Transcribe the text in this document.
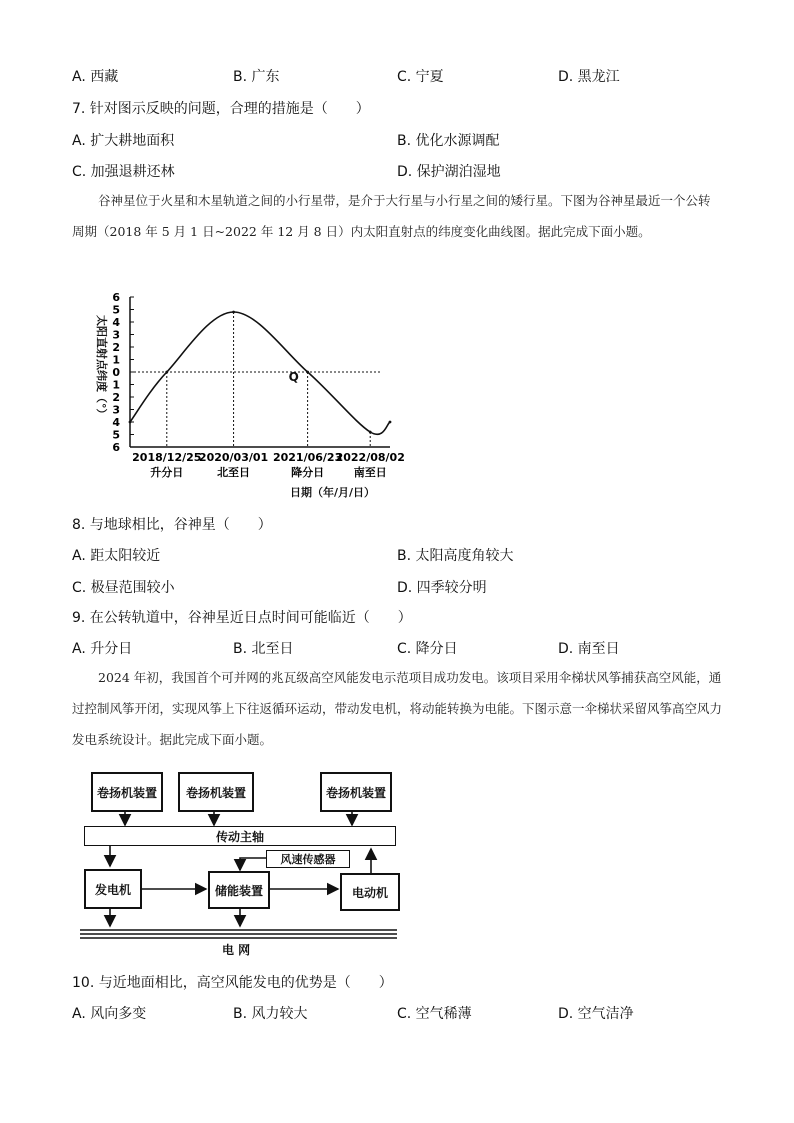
A. 西藏	B. 广东	C. 宁夏	D. 黑龙江
7. 针对图示反映的问题，合理的措施是（　　）
A. 扩大耕地面积	B. 优化水源调配
C. 加强退耕还林	D. 保护湖泊湿地
谷神星位于火星和木星轨道之间的小行星带，是介于大行星与小行星之间的矮行星。下图为谷神星最近一个公转周期（2018 年 5 月 1 日~2022 年 12 月 8 日）内太阳直射点的纬度变化曲线图。据此完成下面小题。
太阳直射点纬度（°）
6
5
4
3
2
1
0
1
2
3
4
5
6
Q
2018/12/25
升分日
2020/03/01
北至日
2021/06/23
降分日
2022/08/02
南至日
日期（年/月/日）
8. 与地球相比，谷神星（　　）
A. 距太阳较近	B. 太阳高度角较大
C. 极昼范围较小	D. 四季较分明
9. 在公转轨道中，谷神星近日点时间可能临近（　　）
A. 升分日	B. 北至日	C. 降分日	D. 南至日
2024 年初，我国首个可并网的兆瓦级高空风能发电示范项目成功发电。该项目采用伞梯状风筝捕获高空风能，通过控制风筝开闭，实现风筝上下往返循环运动，带动发电机，将动能转换为电能。下图示意一伞梯状采留风筝高空风力发电系统设计。据此完成下面小题。
卷扬机装置	卷扬机装置	卷扬机装置
传动主轴
风速传感器
发电机	储能装置	电动机
电 网
10. 与近地面相比，高空风能发电的优势是（　　）
A. 风向多变	B. 风力较大	C. 空气稀薄	D. 空气洁净
